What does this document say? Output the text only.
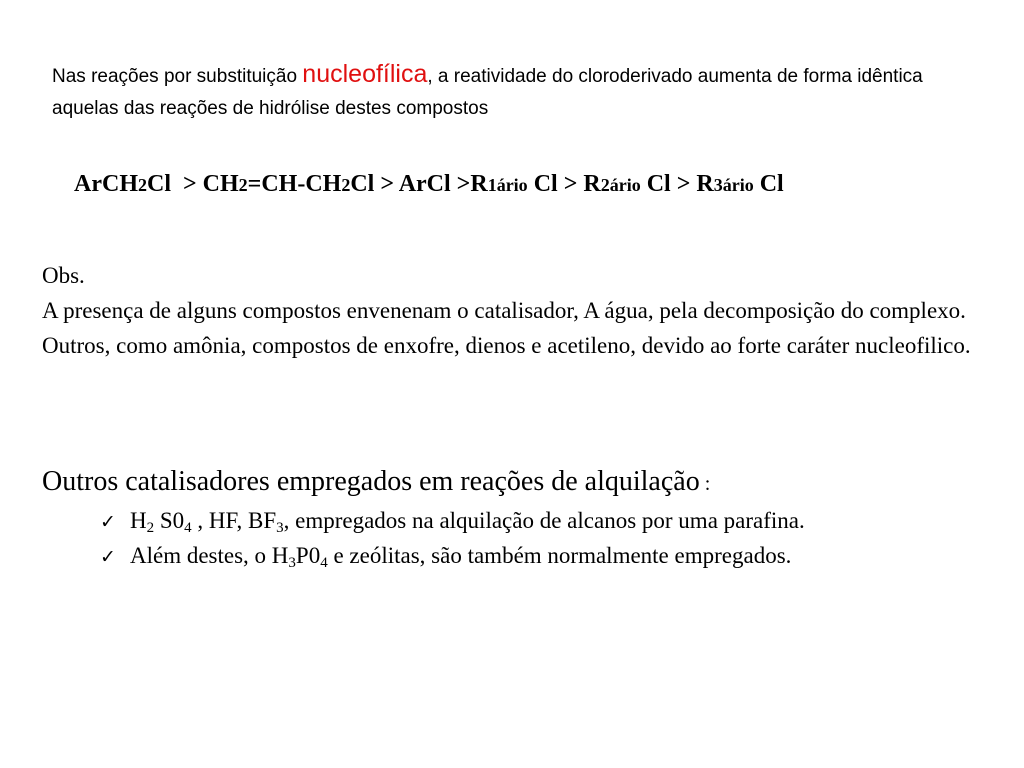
Nas reações por substituição nucleofílica, a reatividade do cloroderivado aumenta de forma idêntica aquelas das reações de hidrólise destes compostos
ArCH2Cl  > CH2=CH-CH2Cl > ArCl >R1ário Cl > R2ário Cl > R3ário Cl

Obs.

A presença de alguns compostos envenenam o catalisador, A água, pela decomposição do complexo. Outros, como amônia, compostos de enxofre, dienos e acetileno, devido ao forte caráter nucleofilico.

Outros catalisadores empregados em reações de alquilação :

✓ $H_2$ $S0_4$ , HF, $BF_3$, empregados na alquilação de alcanos por uma parafina.
✓ Além destes, o $H_3P0_4$ e zeólitas, são também normalmente empregados.
